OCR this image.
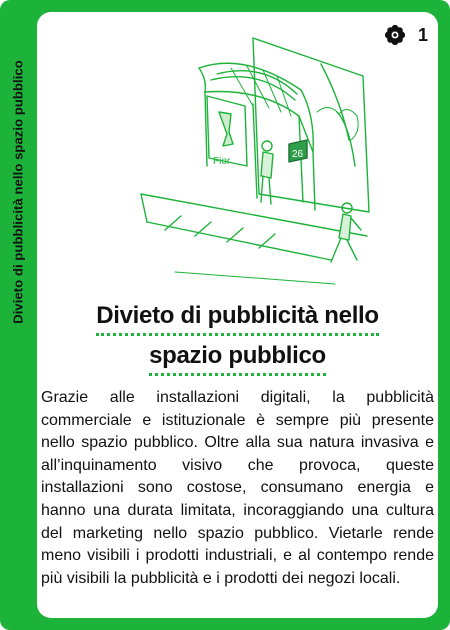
Divieto di pubblicità nello spazio pubblico
1
Fior
26
Divieto di pubblicità nello
spazio pubblico
Grazie alle installazioni digitali, la pubblicità commerciale e istituzionale è sempre più presente nello spazio pubblico. Oltre alla sua natura invasiva e all’inquinamento visivo che provoca, queste installazioni sono costose, consumano energia e hanno una durata limitata, incoraggiando una cultura del marketing nello spazio pubblico. Vietarle rende meno visibili i prodotti industriali, e al contempo rende più visibili la pubblicità e i prodotti dei negozi locali.
